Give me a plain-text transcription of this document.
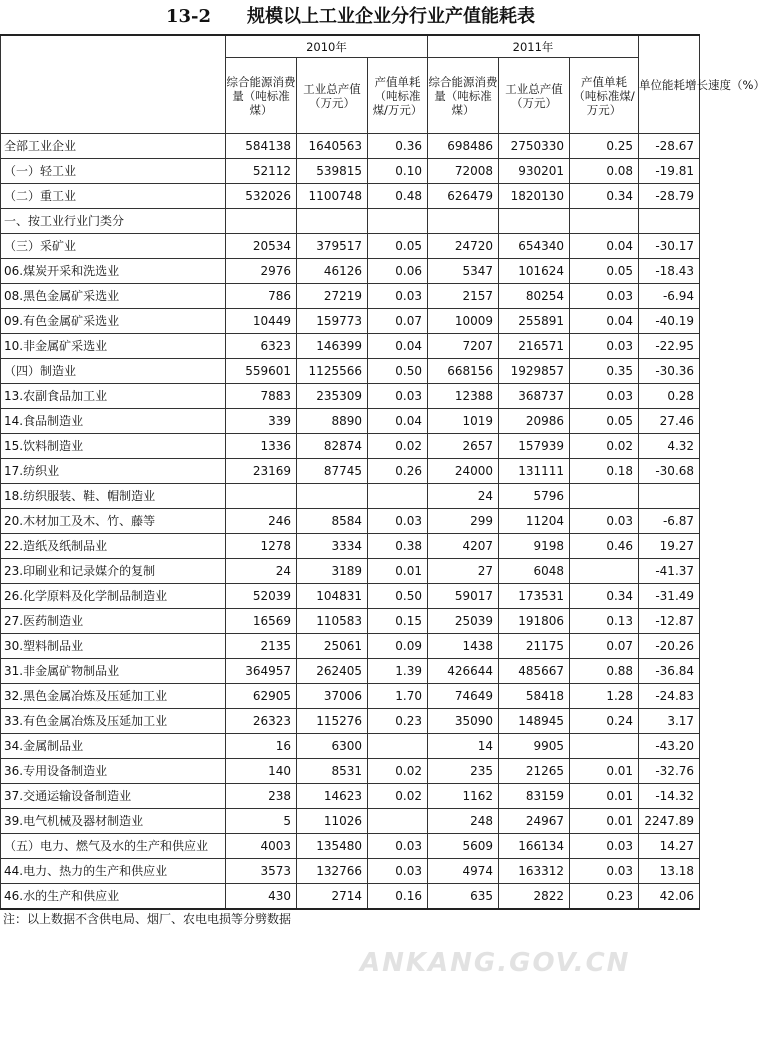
13-2 规模以上工业企业分行业产值能耗表
	2010年			2011年			单位能耗增长速度（%）
	综合能源消费量（吨标准煤）	工业总产值（万元）	产值单耗（吨标准煤/万元）	综合能源消费量（吨标准煤）	工业总产值（万元）	产值单耗（吨标准煤/万元）	
全部工业企业	584138	1640563	0.36	698486	2750330	0.25	-28.67
（一）轻工业	52112	539815	0.10	72008	930201	0.08	-19.81
（二）重工业	532026	1100748	0.48	626479	1820130	0.34	-28.79
一、按工业行业门类分							
（三）采矿业	20534	379517	0.05	24720	654340	0.04	-30.17
06.煤炭开采和洗选业	2976	46126	0.06	5347	101624	0.05	-18.43
08.黑色金属矿采选业	786	27219	0.03	2157	80254	0.03	-6.94
09.有色金属矿采选业	10449	159773	0.07	10009	255891	0.04	-40.19
10.非金属矿采选业	6323	146399	0.04	7207	216571	0.03	-22.95
（四）制造业	559601	1125566	0.50	668156	1929857	0.35	-30.36
13.农副食品加工业	7883	235309	0.03	12388	368737	0.03	0.28
14.食品制造业	339	8890	0.04	1019	20986	0.05	27.46
15.饮料制造业	1336	82874	0.02	2657	157939	0.02	4.32
17.纺织业	23169	87745	0.26	24000	131111	0.18	-30.68
18.纺织服装、鞋、帽制造业				24	5796		
20.木材加工及木、竹、藤等	246	8584	0.03	299	11204	0.03	-6.87
22.造纸及纸制品业	1278	3334	0.38	4207	9198	0.46	19.27
23.印刷业和记录媒介的复制	24	3189	0.01	27	6048		-41.37
26.化学原料及化学制品制造业	52039	104831	0.50	59017	173531	0.34	-31.49
27.医药制造业	16569	110583	0.15	25039	191806	0.13	-12.87
30.塑料制品业	2135	25061	0.09	1438	21175	0.07	-20.26
31.非金属矿物制品业	364957	262405	1.39	426644	485667	0.88	-36.84
32.黑色金属冶炼及压延加工业	62905	37006	1.70	74649	58418	1.28	-24.83
33.有色金属冶炼及压延加工业	26323	115276	0.23	35090	148945	0.24	3.17
34.金属制品业	16	6300		14	9905		-43.20
36.专用设备制造业	140	8531	0.02	235	21265	0.01	-32.76
37.交通运输设备制造业	238	14623	0.02	1162	83159	0.01	-14.32
39.电气机械及器材制造业	5	11026		248	24967	0.01	2247.89
（五）电力、燃气及水的生产和供应业	4003	135480	0.03	5609	166134	0.03	14.27
44.电力、热力的生产和供应业	3573	132766	0.03	4974	163312	0.03	13.18
46.水的生产和供应业	430	2714	0.16	635	2822	0.23	42.06
注：以上数据不含供电局、烟厂、农电电损等分劈数据
ANKANG.GOV.CN
